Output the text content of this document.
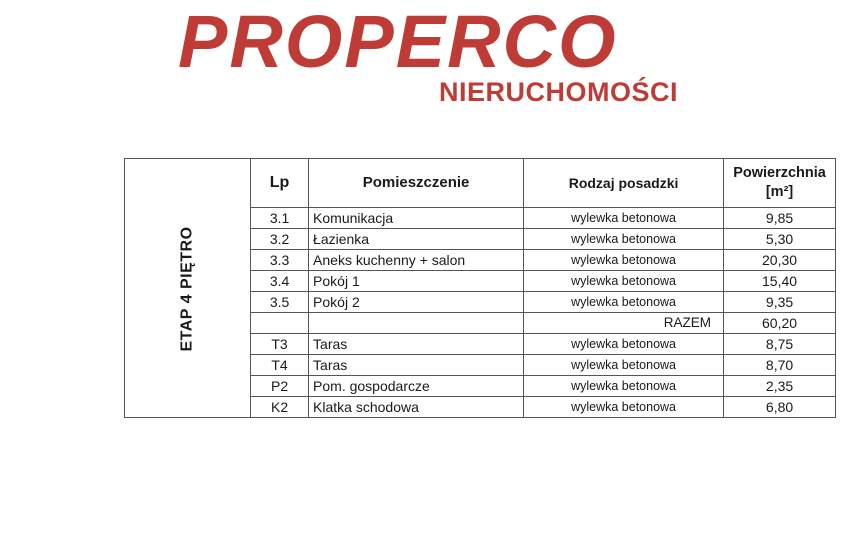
PROPERCO
NIERUCHOMOŚCI
ETAP 4 PIĘTRO	Lp	Pomieszczenie	Rodzaj posadzki	Powierzchnia
[m²]
	3.1	Komunikacja	wylewka betonowa	9,85
	3.2	Łazienka	wylewka betonowa	5,30
	3.3	Aneks kuchenny + salon	wylewka betonowa	20,30
	3.4	Pokój 1	wylewka betonowa	15,40
	3.5	Pokój 2	wylewka betonowa	9,35
			RAZEM	60,20
	T3	Taras	wylewka betonowa	8,75
	T4	Taras	wylewka betonowa	8,70
	P2	Pom. gospodarcze	wylewka betonowa	2,35
	K2	Klatka schodowa	wylewka betonowa	6,80
